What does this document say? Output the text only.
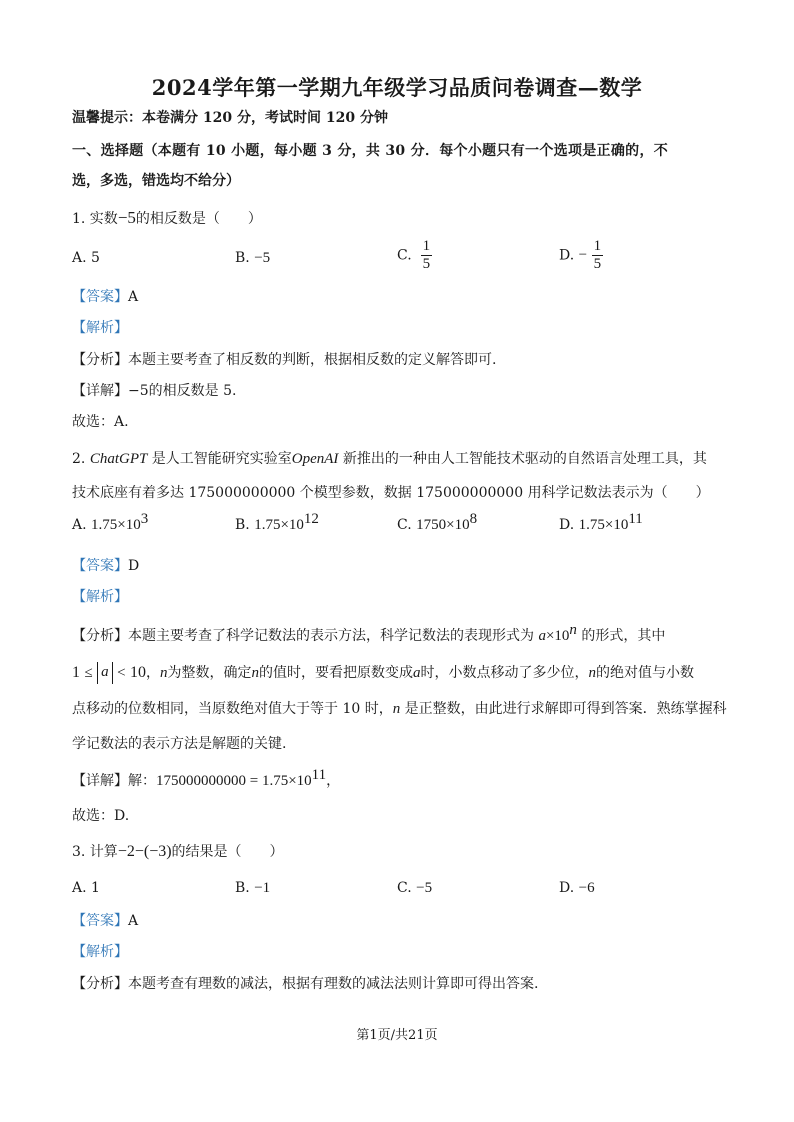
2024学年第一学期九年级学习品质问卷调查—数学
温馨提示：本卷满分 120 分，考试时间 120 分钟
一、选择题（本题有 10 小题，每小题 3 分，共 30 分．每个小题只有一个选项是正确的，不
选，多选，错选均不给分）
1. 实数−5的相反数是（　　）
A. 5	B. −5	C. $\frac{1}{5}$	D. − $\frac{1}{5}$
【答案】A
【解析】
【分析】本题主要考查了相反数的判断，根据相反数的定义解答即可.
【详解】−5的相反数是 5.
故选：A.
2. ChatGPT 是人工智能研究实验室OpenAI 新推出的一种由人工智能技术驱动的自然语言处理工具，其
技术底座有着多达 175000000000 个模型参数，数据 175000000000 用科学记数法表示为（　　）
A. $1.75\times 10^3$	B. $1.75\times 10^{12}$	C. $1750\times 10^8$	D. $1.75\times 10^{11}$
【答案】D
【解析】
【分析】本题主要考查了科学记数法的表示方法，科学记数法的表现形式为 $a\times 10^n$ 的形式，其中
1 ≤ a < 10，n为整数，确定n的值时，要看把原数变成a时，小数点移动了多少位，n的绝对值与小数
点移动的位数相同，当原数绝对值大于等于 10 时，n 是正整数，由此进行求解即可得到答案．熟练掌握科
学记数法的表示方法是解题的关键.
【详解】解：$175000000000 = 1.75\times 10^{11}$，
故选：D.
3. 计算−2−(−3)的结果是（　　）
A. 1	B. −1	C. −5	D. −6
【答案】A
【解析】
【分析】本题考查有理数的减法，根据有理数的减法法则计算即可得出答案.
第1页/共21页
